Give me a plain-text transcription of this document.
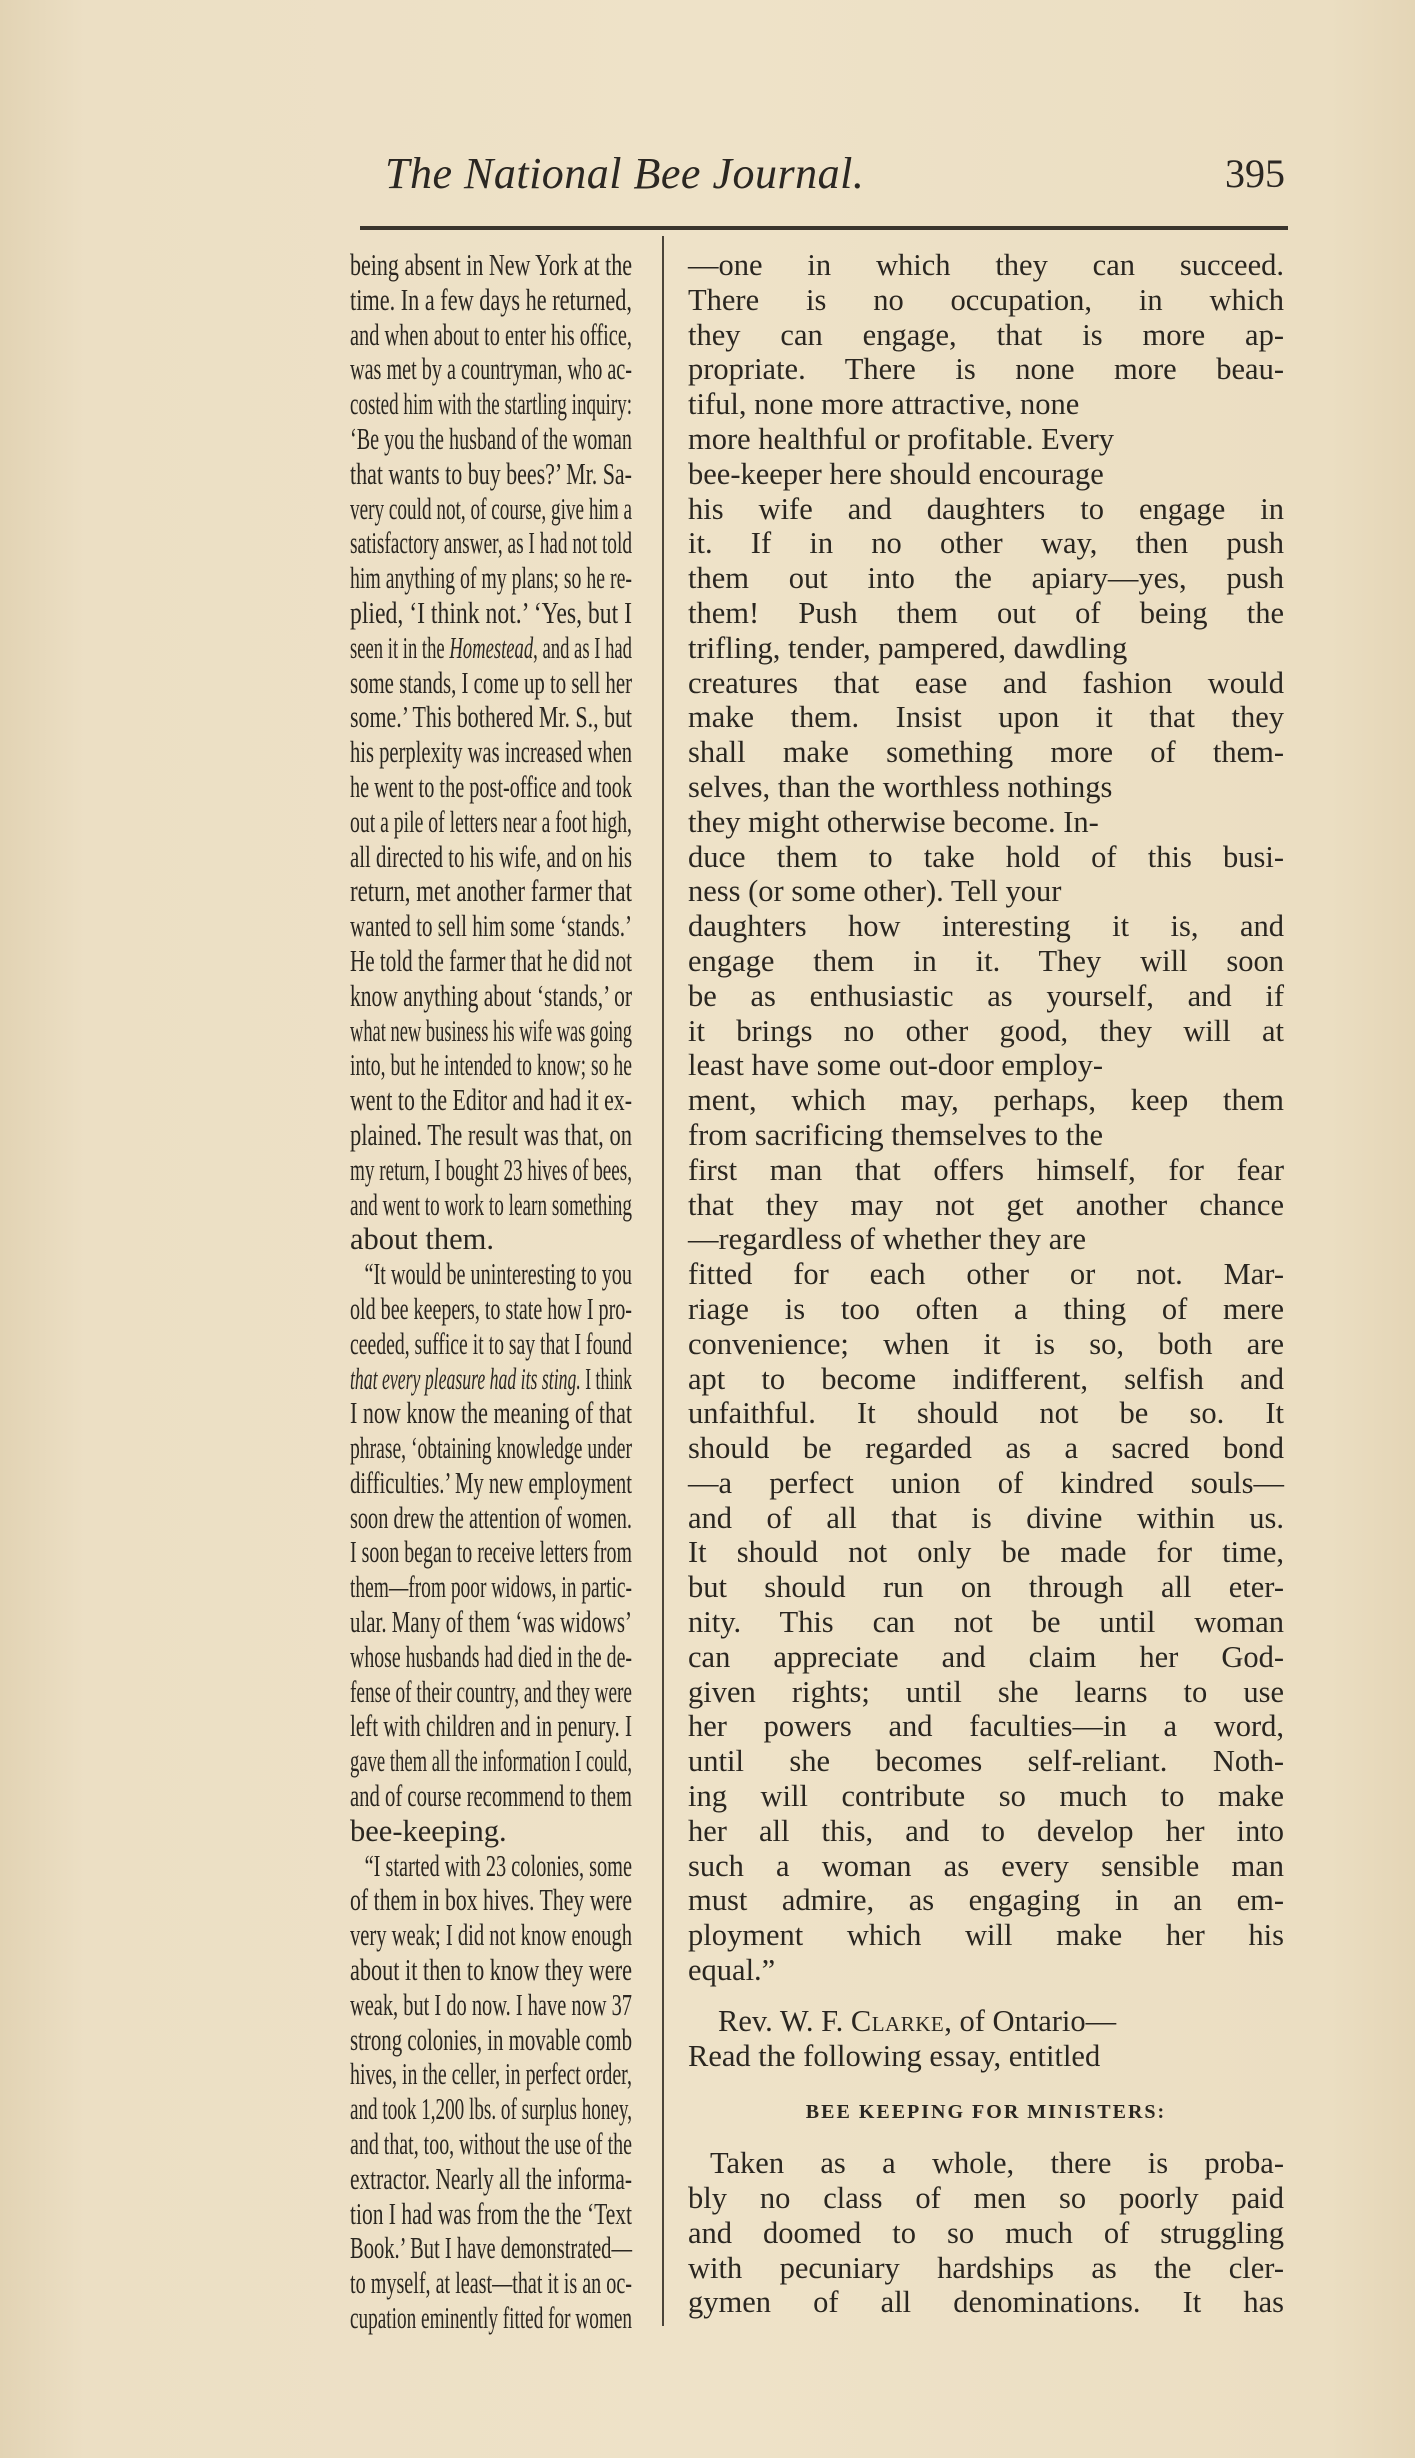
The National Bee Journal.	395
being absent in New York at the
time. In a few days he returned,
and when about to enter his office,
was met by a countryman, who ac-
costed him with the startling inquiry:
‘Be you the husband of the woman
that wants to buy bees?’ Mr. Sa-
very could not, of course, give him a
satisfactory answer, as I had not told
him anything of my plans; so he re-
plied, ‘I think not.’ ‘Yes, but I
seen it in the Homestead, and as I had
some stands, I come up to sell her
some.’ This bothered Mr. S., but
his perplexity was increased when
he went to the post-office and took
out a pile of letters near a foot high,
all directed to his wife, and on his
return, met another farmer that
wanted to sell him some ‘stands.’
He told the farmer that he did not
know anything about ‘stands,’ or
what new business his wife was going
into, but he intended to know; so he
went to the Editor and had it ex-
plained. The result was that, on
my return, I bought 23 hives of bees,
and went to work to learn something
about them.
“It would be uninteresting to you
old bee keepers, to state how I pro-
ceeded, suffice it to say that I found
that every pleasure had its sting. I think
I now know the meaning of that
phrase, ‘obtaining knowledge under
difficulties.’ My new employment
soon drew the attention of women.
I soon began to receive letters from
them—from poor widows, in partic-
ular. Many of them ‘was widows’
whose husbands had died in the de-
fense of their country, and they were
left with children and in penury. I
gave them all the information I could,
and of course recommend to them
bee-keeping.
“I started with 23 colonies, some
of them in box hives. They were
very weak; I did not know enough
about it then to know they were
weak, but I do now. I have now 37
strong colonies, in movable comb
hives, in the celler, in perfect order,
and took 1,200 lbs. of surplus honey,
and that, too, without the use of the
extractor. Nearly all the informa-
tion I had was from the the ‘Text
Book.’ But I have demonstrated—
to myself, at least—that it is an oc-
cupation eminently fitted for women
—one in which they can succeed.
There is no occupation, in which
they can engage, that is more ap-
propriate. There is none more beau-
tiful, none more attractive, none
more healthful or profitable. Every
bee-keeper here should encourage
his wife and daughters to engage in
it. If in no other way, then push
them out into the apiary—yes, push
them! Push them out of being the
trifling, tender, pampered, dawdling
creatures that ease and fashion would
make them. Insist upon it that they
shall make something more of them-
selves, than the worthless nothings
they might otherwise become. In-
duce them to take hold of this busi-
ness (or some other). Tell your
daughters how interesting it is, and
engage them in it. They will soon
be as enthusiastic as yourself, and if
it brings no other good, they will at
least have some out-door employ-
ment, which may, perhaps, keep them
from sacrificing themselves to the
first man that offers himself, for fear
that they may not get another chance
—regardless of whether they are
fitted for each other or not. Mar-
riage is too often a thing of mere
convenience; when it is so, both are
apt to become indifferent, selfish and
unfaithful. It should not be so. It
should be regarded as a sacred bond
—a perfect union of kindred souls—
and of all that is divine within us.
It should not only be made for time,
but should run on through all eter-
nity. This can not be until woman
can appreciate and claim her God-
given rights; until she learns to use
her powers and faculties—in a word,
until she becomes self-reliant. Noth-
ing will contribute so much to make
her all this, and to develop her into
such a woman as every sensible man
must admire, as engaging in an em-
ployment which will make her his
equal.”
Rev. W. F. Clarke, of Ontario—
Read the following essay, entitled
BEE KEEPING FOR MINISTERS:
Taken as a whole, there is proba-
bly no class of men so poorly paid
and doomed to so much of struggling
with pecuniary hardships as the cler-
gymen of all denominations. It has
